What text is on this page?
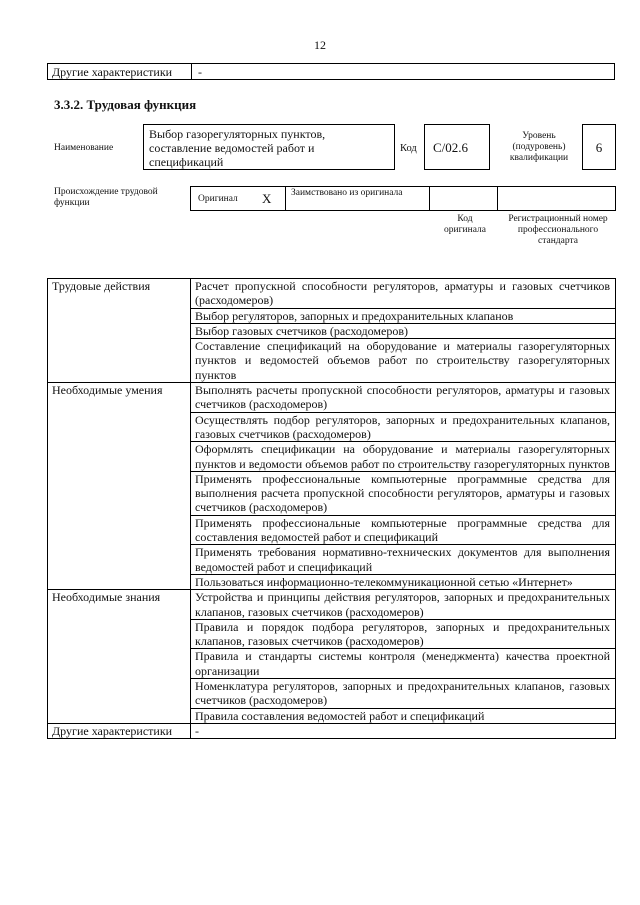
12
Другие характеристики -
3.3.2. Трудовая функция
Наименование
Выбор газорегуляторных пунктов, составление ведомостей работ и спецификаций
Код C/02.6
Уровень (подуровень) квалификации
6
Происхождение трудовой функции	Оригинал X Заимствовано из оригинала
Код оригинала
Регистрационный номер профессионального стандарта
Трудовые действия	Расчет пропускной способности регуляторов, арматуры и газовых счетчиков (расходомеров)
	Выбор регуляторов, запорных и предохранительных клапанов
	Выбор газовых счетчиков (расходомеров)
	Составление спецификаций на оборудование и материалы газорегуляторных пунктов и ведомостей объемов работ по строительству газорегуляторных пунктов
Необходимые умения	Выполнять расчеты пропускной способности регуляторов, арматуры и газовых счетчиков (расходомеров)
	Осуществлять подбор регуляторов, запорных и предохранительных клапанов, газовых счетчиков (расходомеров)
	Оформлять спецификации на оборудование и материалы газорегуляторных пунктов и ведомости объемов работ по строительству газорегуляторных пунктов
	Применять профессиональные компьютерные программные средства для выполнения расчета пропускной способности регуляторов, арматуры и газовых счетчиков (расходомеров)
	Применять профессиональные компьютерные программные средства для составления ведомостей работ и спецификаций
	Применять требования нормативно-технических документов для выполнения ведомостей работ и спецификаций
	Пользоваться информационно-телекоммуникационной сетью «Интернет»
Необходимые знания	Устройства и принципы действия регуляторов, запорных и предохранительных клапанов, газовых счетчиков (расходомеров)
	Правила и порядок подбора регуляторов, запорных и предохранительных клапанов, газовых счетчиков (расходомеров)
	Правила и стандарты системы контроля (менеджмента) качества проектной организации
	Номенклатура регуляторов, запорных и предохранительных клапанов, газовых счетчиков (расходомеров)
	Правила составления ведомостей работ и спецификаций
Другие характеристики	-
